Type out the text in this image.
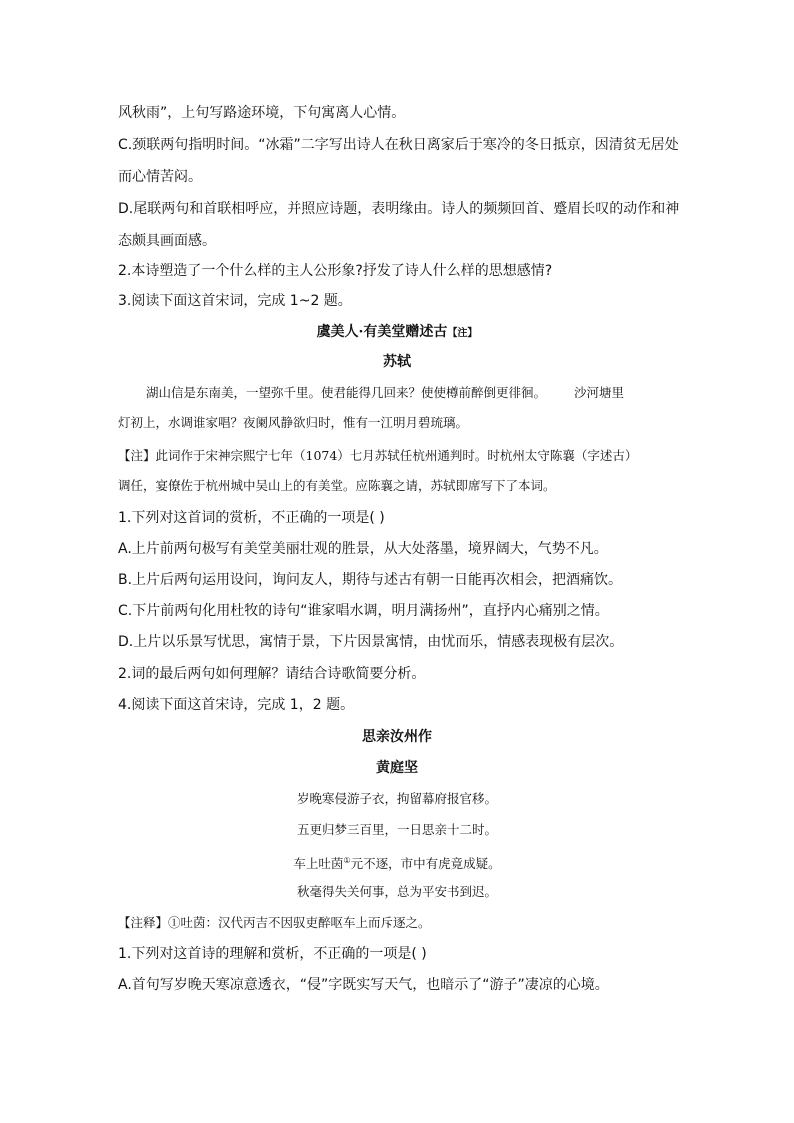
风秋雨”，上句写路途环境，下句寓离人心情。
C.颈联两句指明时间。“冰霜”二字写出诗人在秋日离家后于寒冷的冬日抵京，因清贫无居处
而心情苦闷。
D.尾联两句和首联相呼应，并照应诗题，表明缘由。诗人的频频回首、蹙眉长叹的动作和神
态颇具画面感。
2.本诗塑造了一个什么样的主人公形象?抒发了诗人什么样的思想感情?
3.阅读下面这首宋词，完成 1~2 题。
虞美人·有美堂赠述古【注】
苏轼
湖山信是东南美，一望弥千里。使君能得几回来？使使樽前醉倒更徘徊。 沙河塘里
灯初上，水调谁家唱？夜阑风静欲归时，惟有一江明月碧琉璃。
【注】此词作于宋神宗熙宁七年（1074）七月苏轼任杭州通判时。时杭州太守陈襄（字述古）
调任，宴僚佐于杭州城中吴山上的有美堂。应陈襄之请，苏轼即席写下了本词。
1.下列对这首词的赏析，不正确的一项是( )
A.上片前两句极写有美堂美丽壮观的胜景，从大处落墨，境界阔大，气势不凡。
B.上片后两句运用设问，询问友人，期待与述古有朝一日能再次相会，把酒痛饮。
C.下片前两句化用杜牧的诗句“谁家唱水调，明月满扬州”，直抒内心痛别之情。
D.上片以乐景写忧思，寓情于景，下片因景寓情，由忧而乐，情感表现极有层次。
2.词的最后两句如何理解？请结合诗歌简要分析。
4.阅读下面这首宋诗，完成 1，2 题。
思亲汝州作
黄庭坚
岁晚寒侵游子衣，拘留幕府报官移。
五更归梦三百里，一日思亲十二时。
车上吐茵①元不逐，市中有虎竟成疑。
秋毫得失关何事，总为平安书到迟。
【注释】①吐茵：汉代丙吉不因驭吏醉呕车上而斥逐之。
1.下列对这首诗的理解和赏析，不正确的一项是( )
A.首句写岁晚天寒凉意透衣，“侵”字既实写天气，也暗示了“游子”凄凉的心境。
